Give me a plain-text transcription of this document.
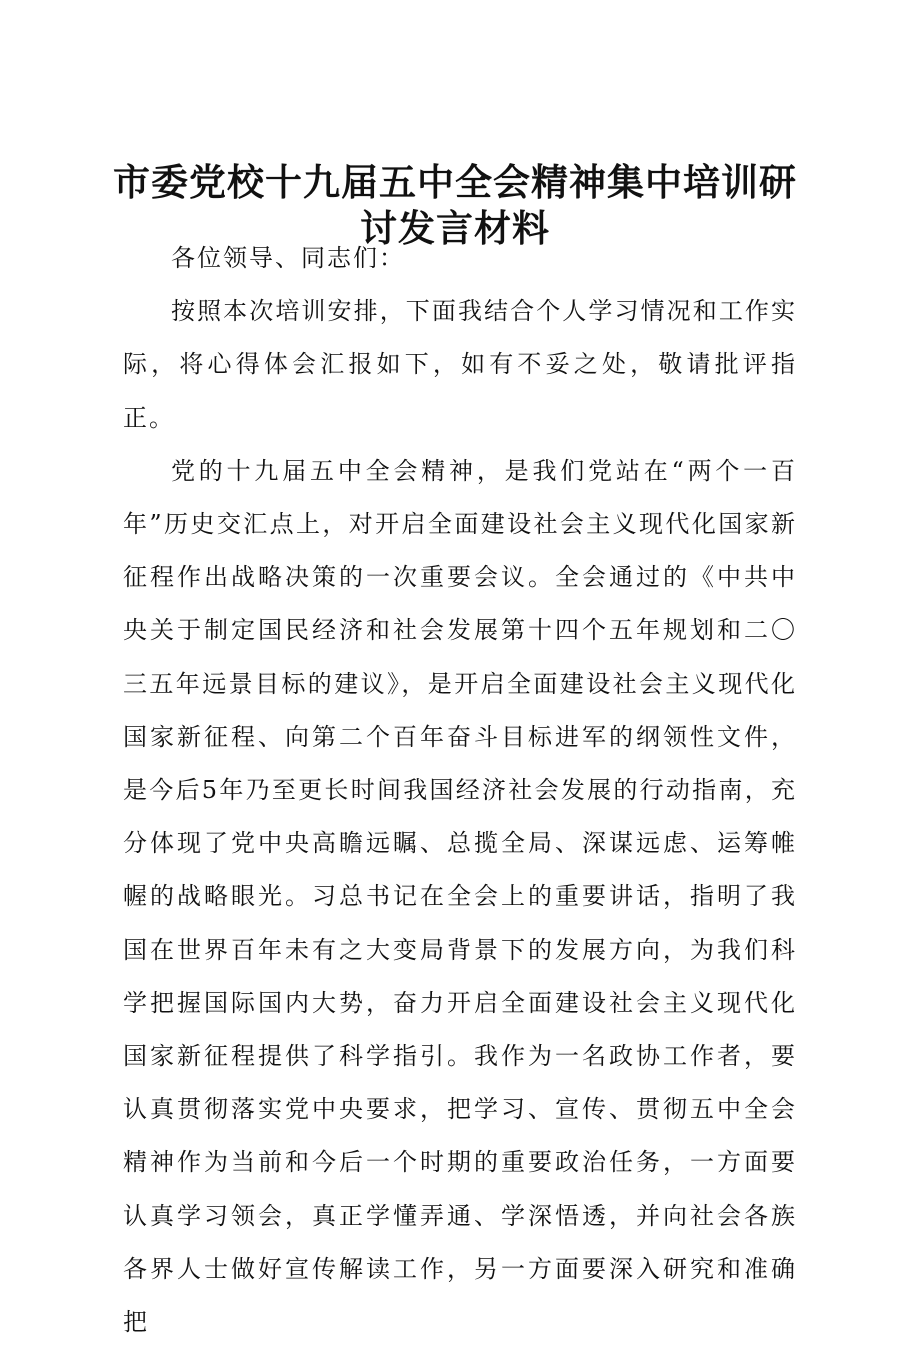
市委党校十九届五中全会精神集中培训研讨发言材料

各位领导、同志们：

按照本次培训安排，下面我结合个人学习情况和工作实际，将心得体会汇报如下，如有不妥之处，敬请批评指正。

党的十九届五中全会精神，是我们党站在“两个一百年”历史交汇点上，对开启全面建设社会主义现代化国家新征程作出战略决策的一次重要会议。全会通过的《中共中央关于制定国民经济和社会发展第十四个五年规划和二〇三五年远景目标的建议》，是开启全面建设社会主义现代化国家新征程、向第二个百年奋斗目标进军的纲领性文件，是今后5年乃至更长时间我国经济社会发展的行动指南，充分体现了党中央高瞻远瞩、总揽全局、深谋远虑、运筹帷幄的战略眼光。习总书记在全会上的重要讲话，指明了我国在世界百年未有之大变局背景下的发展方向，为我们科学把握国际国内大势，奋力开启全面建设社会主义现代化国家新征程提供了科学指引。我作为一名政协工作者，要认真贯彻落实党中央要求，把学习、宣传、贯彻五中全会精神作为当前和今后一个时期的重要政治任务，一方面要认真学习领会，真正学懂弄通、学深悟透，并向社会各族各界人士做好宣传解读工作，另一方面要深入研究和准确把
